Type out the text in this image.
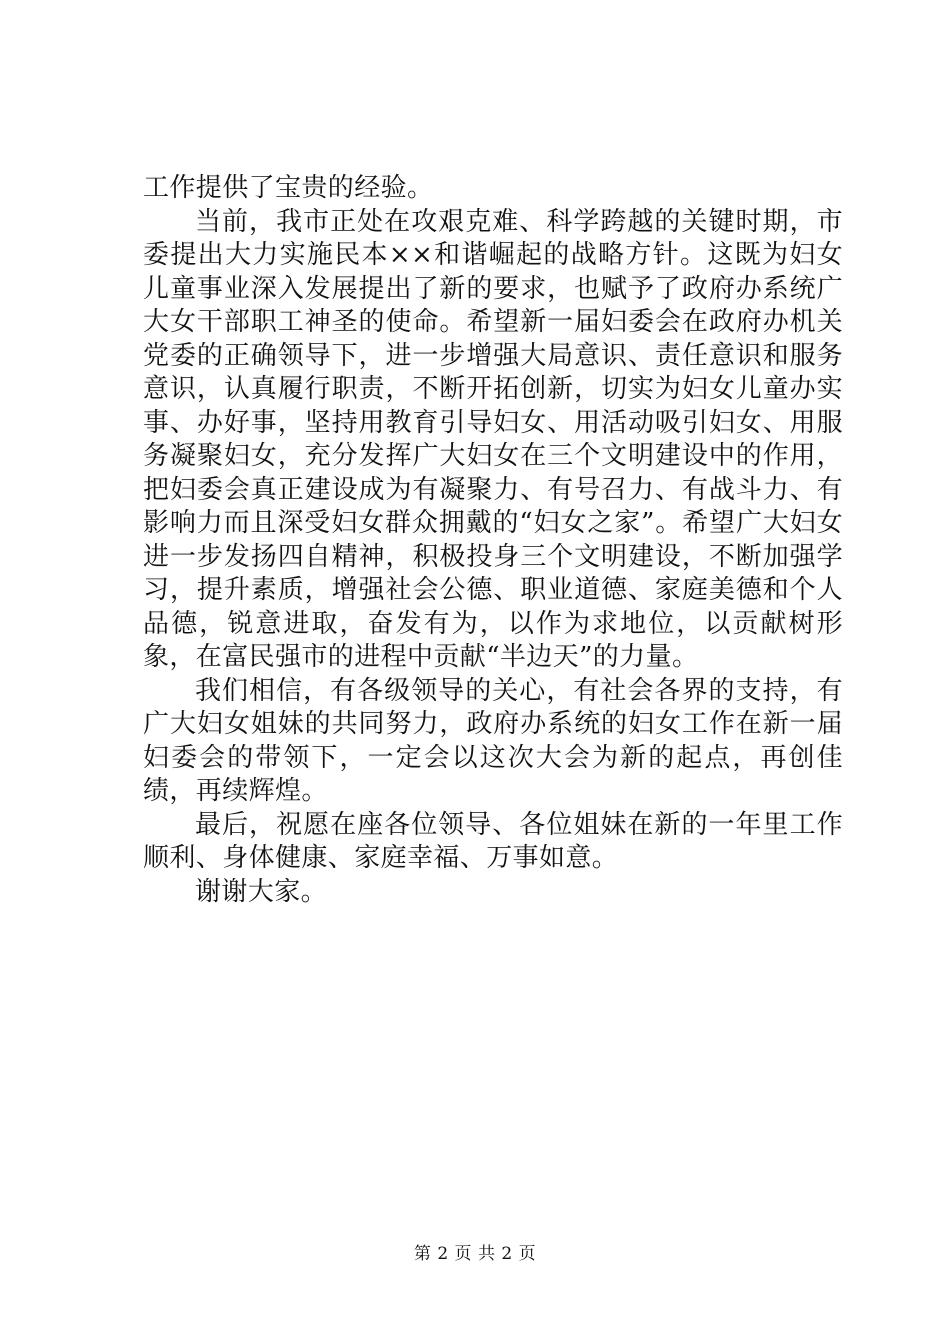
工作提供了宝贵的经验。

当前，我市正处在攻艰克难、科学跨越的关键时期，市委提出大力实施民本××和谐崛起的战略方针。这既为妇女儿童事业深入发展提出了新的要求，也赋予了政府办系统广大女干部职工神圣的使命。希望新一届妇委会在政府办机关党委的正确领导下，进一步增强大局意识、责任意识和服务意识，认真履行职责，不断开拓创新，切实为妇女儿童办实事、办好事，坚持用教育引导妇女、用活动吸引妇女、用服务凝聚妇女，充分发挥广大妇女在三个文明建设中的作用，把妇委会真正建设成为有凝聚力、有号召力、有战斗力、有影响力而且深受妇女群众拥戴的“妇女之家”。希望广大妇女进一步发扬四自精神，积极投身三个文明建设，不断加强学习，提升素质，增强社会公德、职业道德、家庭美德和个人品德，锐意进取，奋发有为，以作为求地位，以贡献树形象，在富民强市的进程中贡献“半边天”的力量。

我们相信，有各级领导的关心，有社会各界的支持，有广大妇女姐妹的共同努力，政府办系统的妇女工作在新一届妇委会的带领下，一定会以这次大会为新的起点，再创佳绩，再续辉煌。

最后，祝愿在座各位领导、各位姐妹在新的一年里工作顺利、身体健康、家庭幸福、万事如意。

谢谢大家。

第 2 页 共 2 页
